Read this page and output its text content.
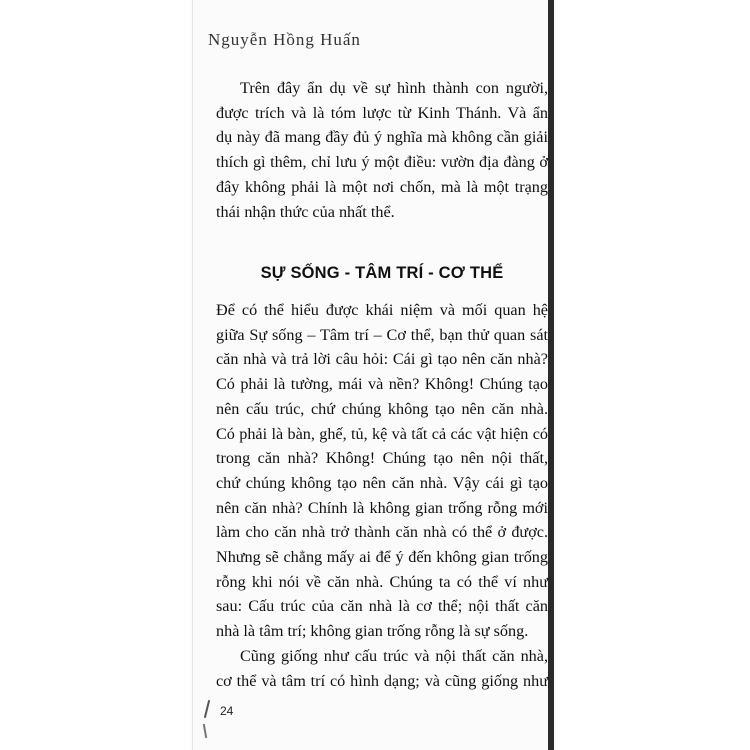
Nguyễn Hồng Huấn

Trên đây ẩn dụ về sự hình thành con người,
được trích và là tóm lược từ Kinh Thánh. Và ẩn
dụ này đã mang đầy đủ ý nghĩa mà không cần giải
thích gì thêm, chỉ lưu ý một điều: vườn địa đàng ở
đây không phải là một nơi chốn, mà là một trạng
thái nhận thức của nhất thể.

SỰ SỐNG - TÂM TRÍ - CƠ THỂ

Để có thể hiểu được khái niệm và mối quan hệ
giữa Sự sống – Tâm trí – Cơ thể, bạn thử quan sát
căn nhà và trả lời câu hỏi: Cái gì tạo nên căn nhà?
Có phải là tường, mái và nền? Không! Chúng tạo
nên cấu trúc, chứ chúng không tạo nên căn nhà.
Có phải là bàn, ghế, tủ, kệ và tất cả các vật hiện có
trong căn nhà? Không! Chúng tạo nên nội thất,
chứ chúng không tạo nên căn nhà. Vậy cái gì tạo
nên căn nhà? Chính là không gian trống rỗng mới
làm cho căn nhà trở thành căn nhà có thể ở được.
Nhưng sẽ chẳng mấy ai để ý đến không gian trống
rỗng khi nói về căn nhà. Chúng ta có thể ví như
sau: Cấu trúc của căn nhà là cơ thể; nội thất căn
nhà là tâm trí; không gian trống rỗng là sự sống.

Cũng giống như cấu trúc và nội thất căn nhà,
cơ thể và tâm trí có hình dạng; và cũng giống như

24
